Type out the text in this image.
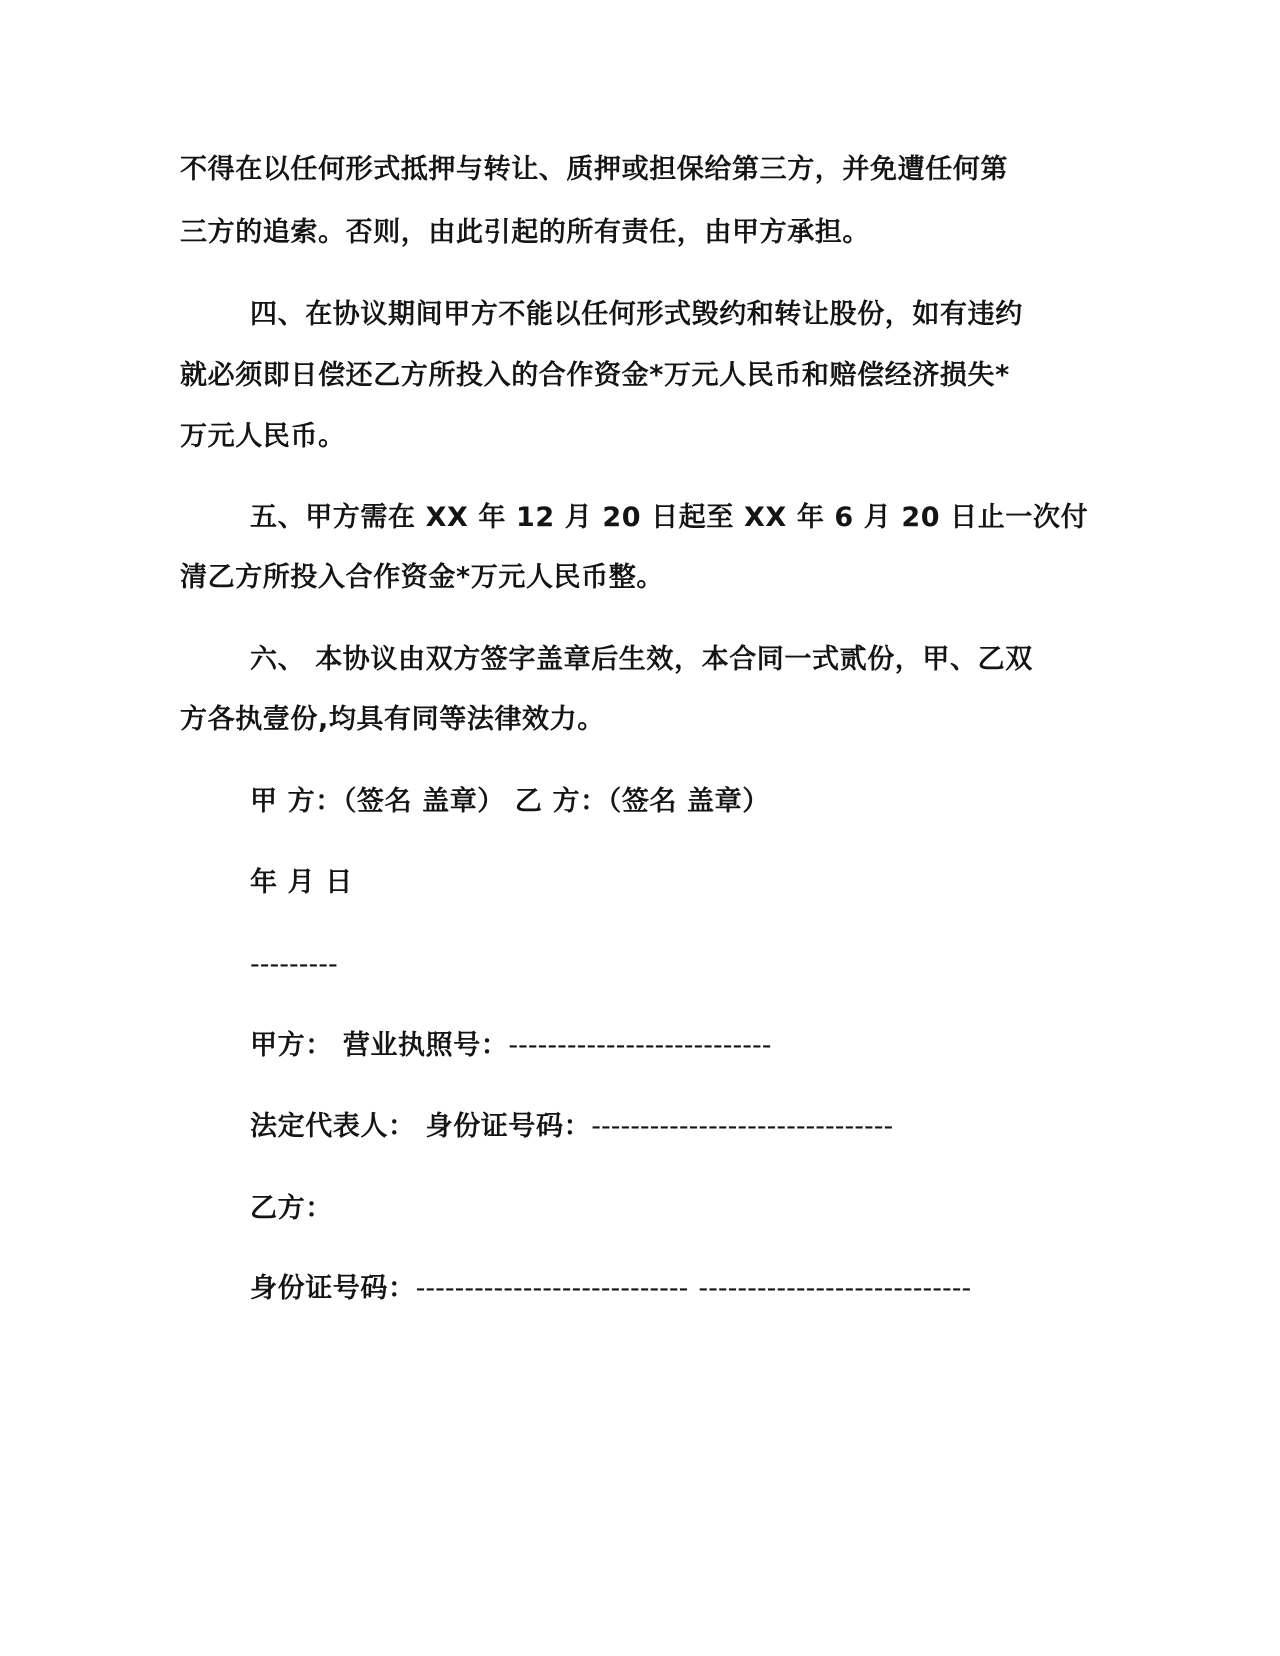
不得在以任何形式抵押与转让、质押或担保给第三方，并免遭任何第
三方的追索。否则，由此引起的所有责任，由甲方承担。
四、在协议期间甲方不能以任何形式毁约和转让股份，如有违约
就必须即日偿还乙方所投入的合作资金*万元人民币和赔偿经济损失*
万元人民币。
五、甲方需在 XX 年 12 月 20 日起至 XX 年 6 月 20 日止一次付
清乙方所投入合作资金*万元人民币整。
六、 本协议由双方签字盖章后生效，本合同一式贰份，甲、乙双
方各执壹份,均具有同等法律效力。
甲 方：（签名 盖章） 乙 方：（签名 盖章）
年 月 日
---------
甲方： 营业执照号：---------------------------
法定代表人： 身份证号码：-------------------------------
乙方：
身份证号码：---------------------------- ----------------------------
